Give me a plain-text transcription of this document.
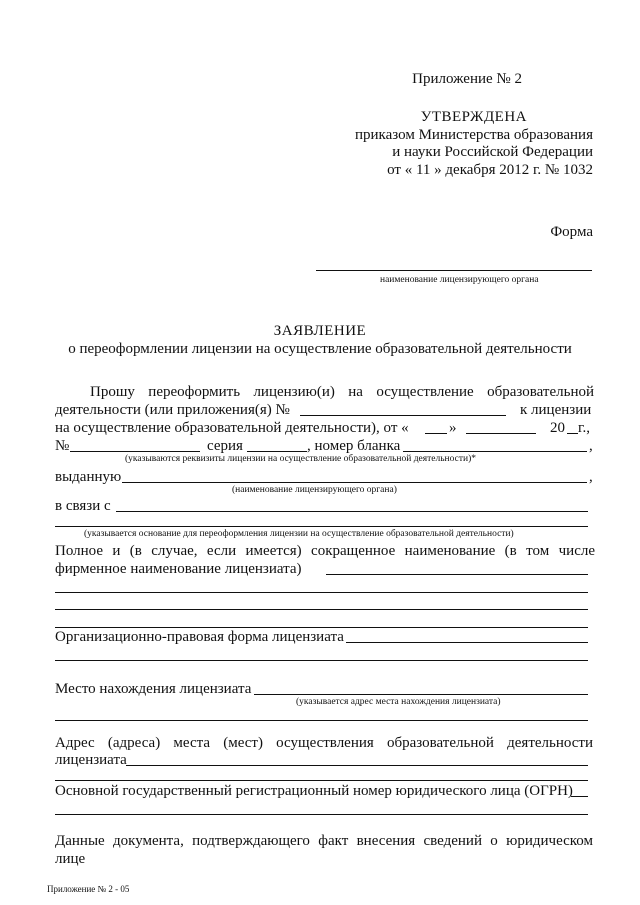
Приложение № 2
УТВЕРЖДЕНА
приказом Министерства образования
и науки Российской Федерации
от « 11 » декабря 2012 г. № 1032
Форма
наименование лицензирующего органа
ЗАЯВЛЕНИЕ
о переоформлении лицензии на осуществление образовательной деятельности
Прошу переоформить лицензию(и) на осуществление образовательной
деятельности (или приложения(я) №	к лицензии
на осуществление образовательной деятельности), от «	»	20 г.,
№	серия	, номер бланка	,
(указываются реквизиты лицензии на осуществление образовательной деятельности)*
выданную	,
(наименование лицензирующего органа)
в связи с
(указывается основание для переоформления лицензии на осуществление образовательной деятельности)
Полное и (в случае, если имеется) сокращенное наименование (в том числе
фирменное наименование лицензиата)
Организационно-правовая форма лицензиата
Место нахождения лицензиата
(указывается адрес места нахождения лицензиата)
Адрес (адреса) места (мест) осуществления образовательной деятельности
лицензиата
Основной государственный регистрационный номер юридического лица (ОГРН)
Данные документа, подтверждающего факт внесения сведений о юридическом лице
Приложение № 2 - 05
